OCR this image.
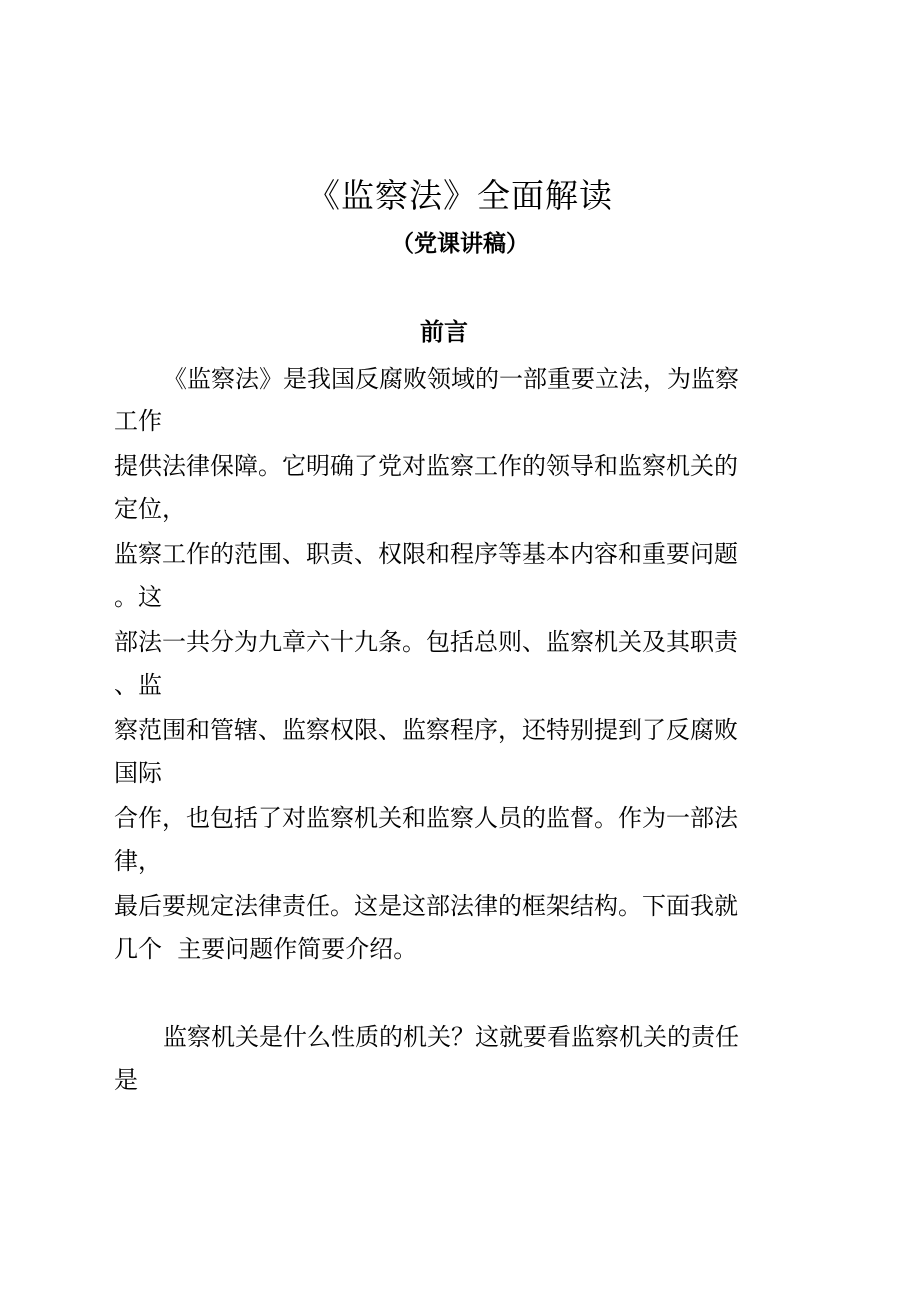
《监察法》全面解读
（党课讲稿）
前言
《监察法》是我国反腐败领域的一部重要立法，为监察
工作
提供法律保障。它明确了党对监察工作的领导和监察机关的
定位，
监察工作的范围、职责、权限和程序等基本内容和重要问题
。这
部法一共分为九章六十九条。包括总则、监察机关及其职责
、监
察范围和管辖、监察权限、监察程序，还特别提到了反腐败
国际
合作，也包括了对监察机关和监察人员的监督。作为一部法
律，
最后要规定法律责任。这是这部法律的框架结构。下面我就
几个  主要问题作简要介绍。
监察机关是什么性质的机关？这就要看监察机关的责任
是
